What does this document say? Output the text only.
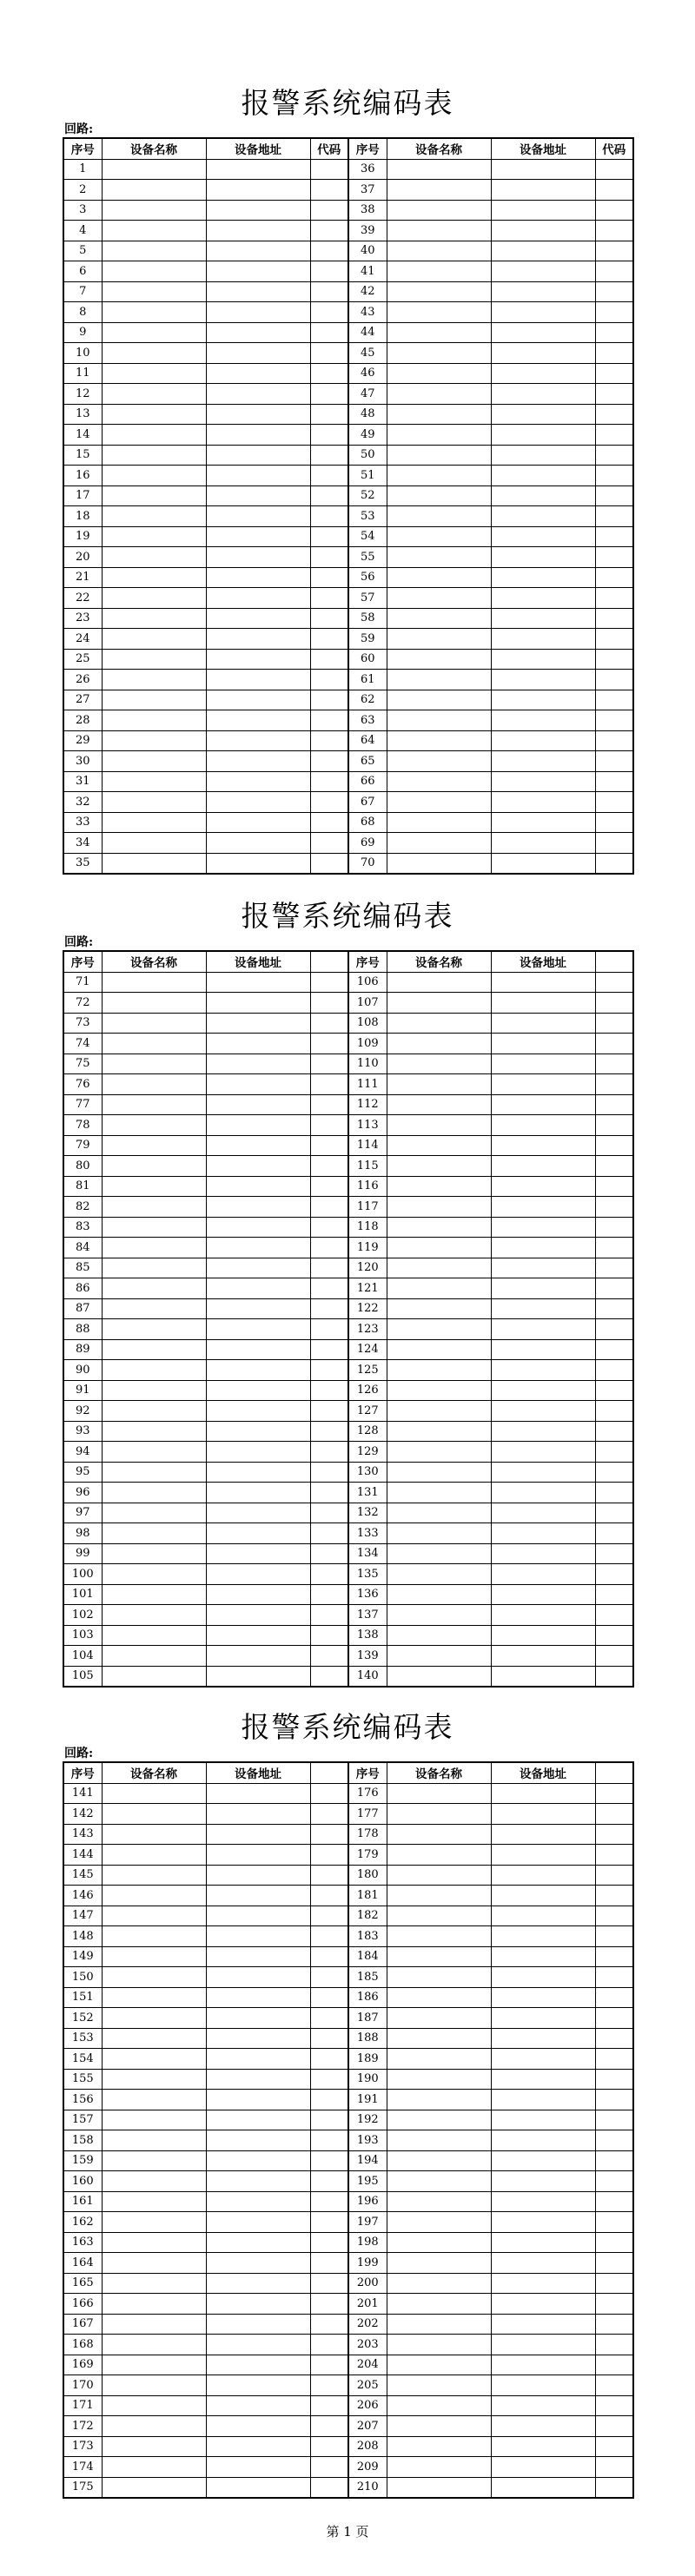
报警系统编码表
回路:
序号	设备名称	设备地址	代码	序号	设备名称	设备地址	代码
1				36			
2				37			
3				38			
4				39			
5				40			
6				41			
7				42			
8				43			
9				44			
10				45			
11				46			
12				47			
13				48			
14				49			
15				50			
16				51			
17				52			
18				53			
19				54			
20				55			
21				56			
22				57			
23				58			
24				59			
25				60			
26				61			
27				62			
28				63			
29				64			
30				65			
31				66			
32				67			
33				68			
34				69			
35				70			
报警系统编码表
回路:
序号	设备名称	设备地址		序号	设备名称	设备地址	
71				106			
72				107			
73				108			
74				109			
75				110			
76				111			
77				112			
78				113			
79				114			
80				115			
81				116			
82				117			
83				118			
84				119			
85				120			
86				121			
87				122			
88				123			
89				124			
90				125			
91				126			
92				127			
93				128			
94				129			
95				130			
96				131			
97				132			
98				133			
99				134			
100				135			
101				136			
102				137			
103				138			
104				139			
105				140			
报警系统编码表
回路:
序号	设备名称	设备地址		序号	设备名称	设备地址	
141				176			
142				177			
143				178			
144				179			
145				180			
146				181			
147				182			
148				183			
149				184			
150				185			
151				186			
152				187			
153				188			
154				189			
155				190			
156				191			
157				192			
158				193			
159				194			
160				195			
161				196			
162				197			
163				198			
164				199			
165				200			
166				201			
167				202			
168				203			
169				204			
170				205			
171				206			
172				207			
173				208			
174				209			
175				210			
第 1 页
